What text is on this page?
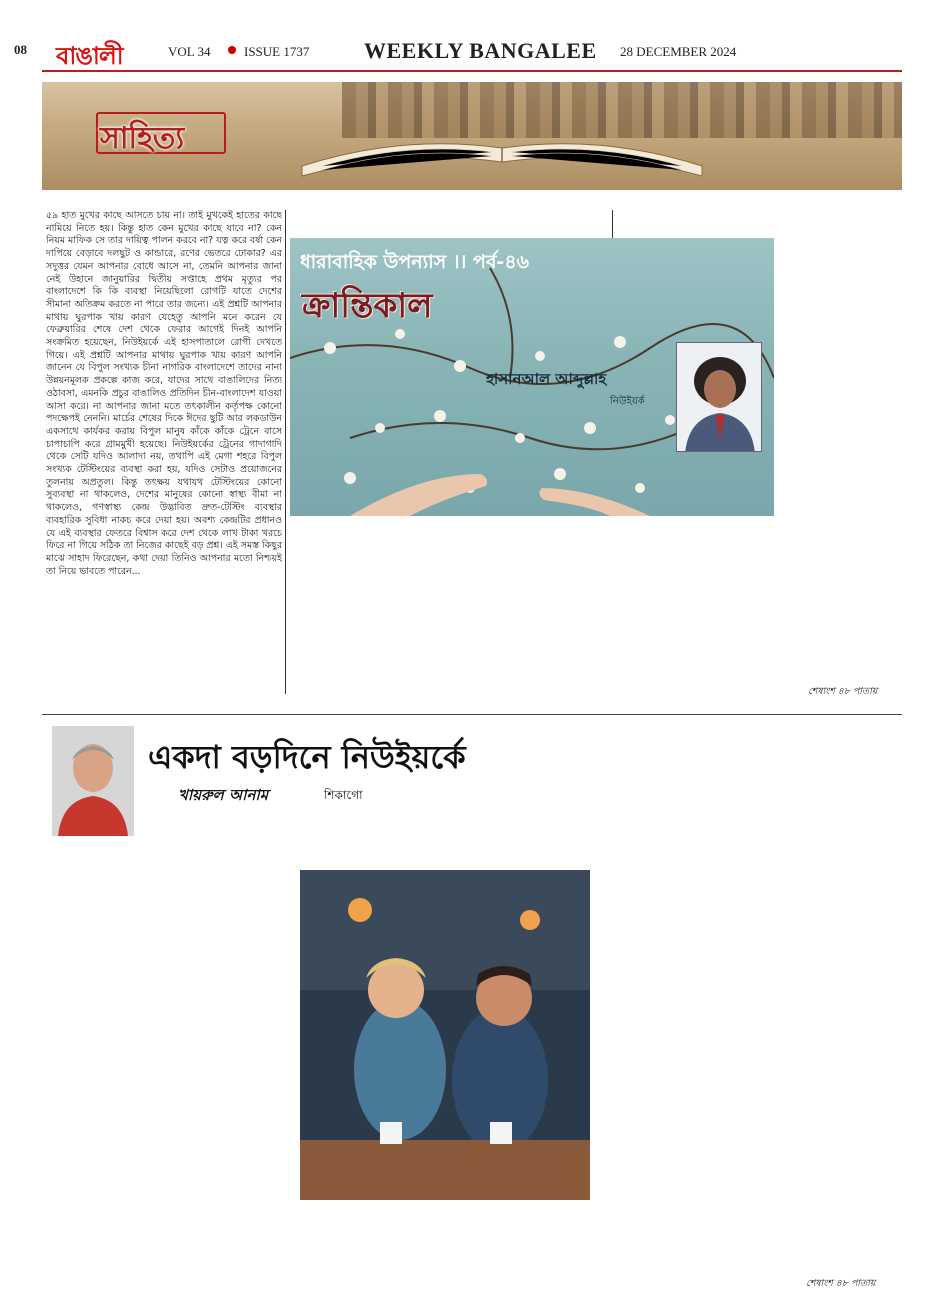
08 বাঙালী	VOL 34	ISSUE 1737 WEEKLY BANGALEE 28 DECEMBER 2024
সাহিত্য
৫৯ হাত মুখের কাছে আসতে চায় না। তাই মুখকেই হাতের কাছে নামিয়ে নিতে হয়। কিন্তু হাত কেন মুখের কাছে যাবে না? কেন নিয়ম মাফিক সে তার দায়িত্ব পালন করবে না? যত্ন করে বর্ষা কেন দাপিয়ে বেড়াবে দলছুট ও কান্ডারে, রণের ভেতরে ঢোকার? এর সদুত্তর যেমন আপনার বোধে আসে না, তেমনি আপনার জানা নেই উহানে জানুয়ারির দ্বিতীয় সপ্তাহে প্রথম মৃত্যুর পর বাংলাদেশে কি কি ব্যবস্থা নিয়েছিলো রোগটি যাতে দেশের সীমানা অতিক্রম করতে না পারে তার জন্যে। এই প্রশ্নটি আপনার মাথায় ঘুরপাক খায় কারণ যেহেতু আপনি মনে করেন যে ফেব্রুয়ারির শেষে দেশ থেকে ফেরার আগেই দিনই আপনি সংক্রমিত হয়েছেন, নিউইয়র্কে এই হাসপাতালে রোগী দেখতে গিয়ে। এই প্রশ্নটি আপনার মাথায় ঘুরপাক খায় কারণ আপনি জানেন যে বিপুল সংখ্যক চীনা নাগরিক বাংলাদেশে তাদের নানা উন্নয়নমূলক প্রকল্পে কাজ করে, যাদের সাথে বাঙালিদের নিত্য ওঠাবসা, এমনকি প্রচুর বাঙালিও প্রতিদিন চীন-বাংলাদেশ যাওয়া আসা করে। না আপনার জানা মতে তৎকালীন কর্তৃপক্ষ কোনো পদক্ষেপই নেননি। মার্চের শেষের দিকে ঈদের ছুটি আর লকডাউন একসাথে কার্যকর করায় বিপুল মানুষ কাঁকে কাঁকে ট্রেনে বাসে চাপাচাপি করে গ্রামমুখী হয়েছে। নিউইয়র্কের ট্রেনের গাদাগাদি থেকে সেটি যদিও আলাদা নয়, তথাপি এই মেগা শহরে বিপুল সংখ্যক টেস্টিংয়ের ব্যবস্থা করা হয়, যদিও সেটাও প্রয়োজনের তুলনায় অপ্রতুল। কিন্তু তৎক্ষয় যথাযথ টেস্টিংয়ের কোনো সুব্যবস্থা না থাকলেও, দেশের মানুষের কোনো স্বাস্থ্য বীমা না থাকলেও, গণস্বাস্থ্য কেন্দ্র উদ্ভাবিত দ্রুত-টেস্টিং ব্যবস্থার ব্যবহারিক সুবিধা নাকচ করে দেয়া হয়। অবশ্য কেন্দ্রটির প্রধানও যে এই ব্যবস্থার ফেতরে বিশ্বাস করে দেশ থেকে লাখ টাকা খরচে ফিরে না গিয়ে সঠিক তা নিজের কাছেই বড় প্রশ্ন। এই সমস্ত কিছুর মাঝে সাহাদ ফিরেছেন, কথা দেয়া তিনিও আপনার মতো নিশ্চয়ই তা নিয়ে ভাবতে পারেন...
ধারাবাহিক উপন্যাস ।। পর্ব-৪৬
ক্রান্তিকাল
হাসানআল আব্দুল্লাহ
নিউইয়র্ক
শেষাংশ ৪৮ পাতায়
একদা বড়দিনে নিউইয়র্কে
খায়রুল আনাম	শিকাগো
শেষাংশ ৪৮ পাতায়
